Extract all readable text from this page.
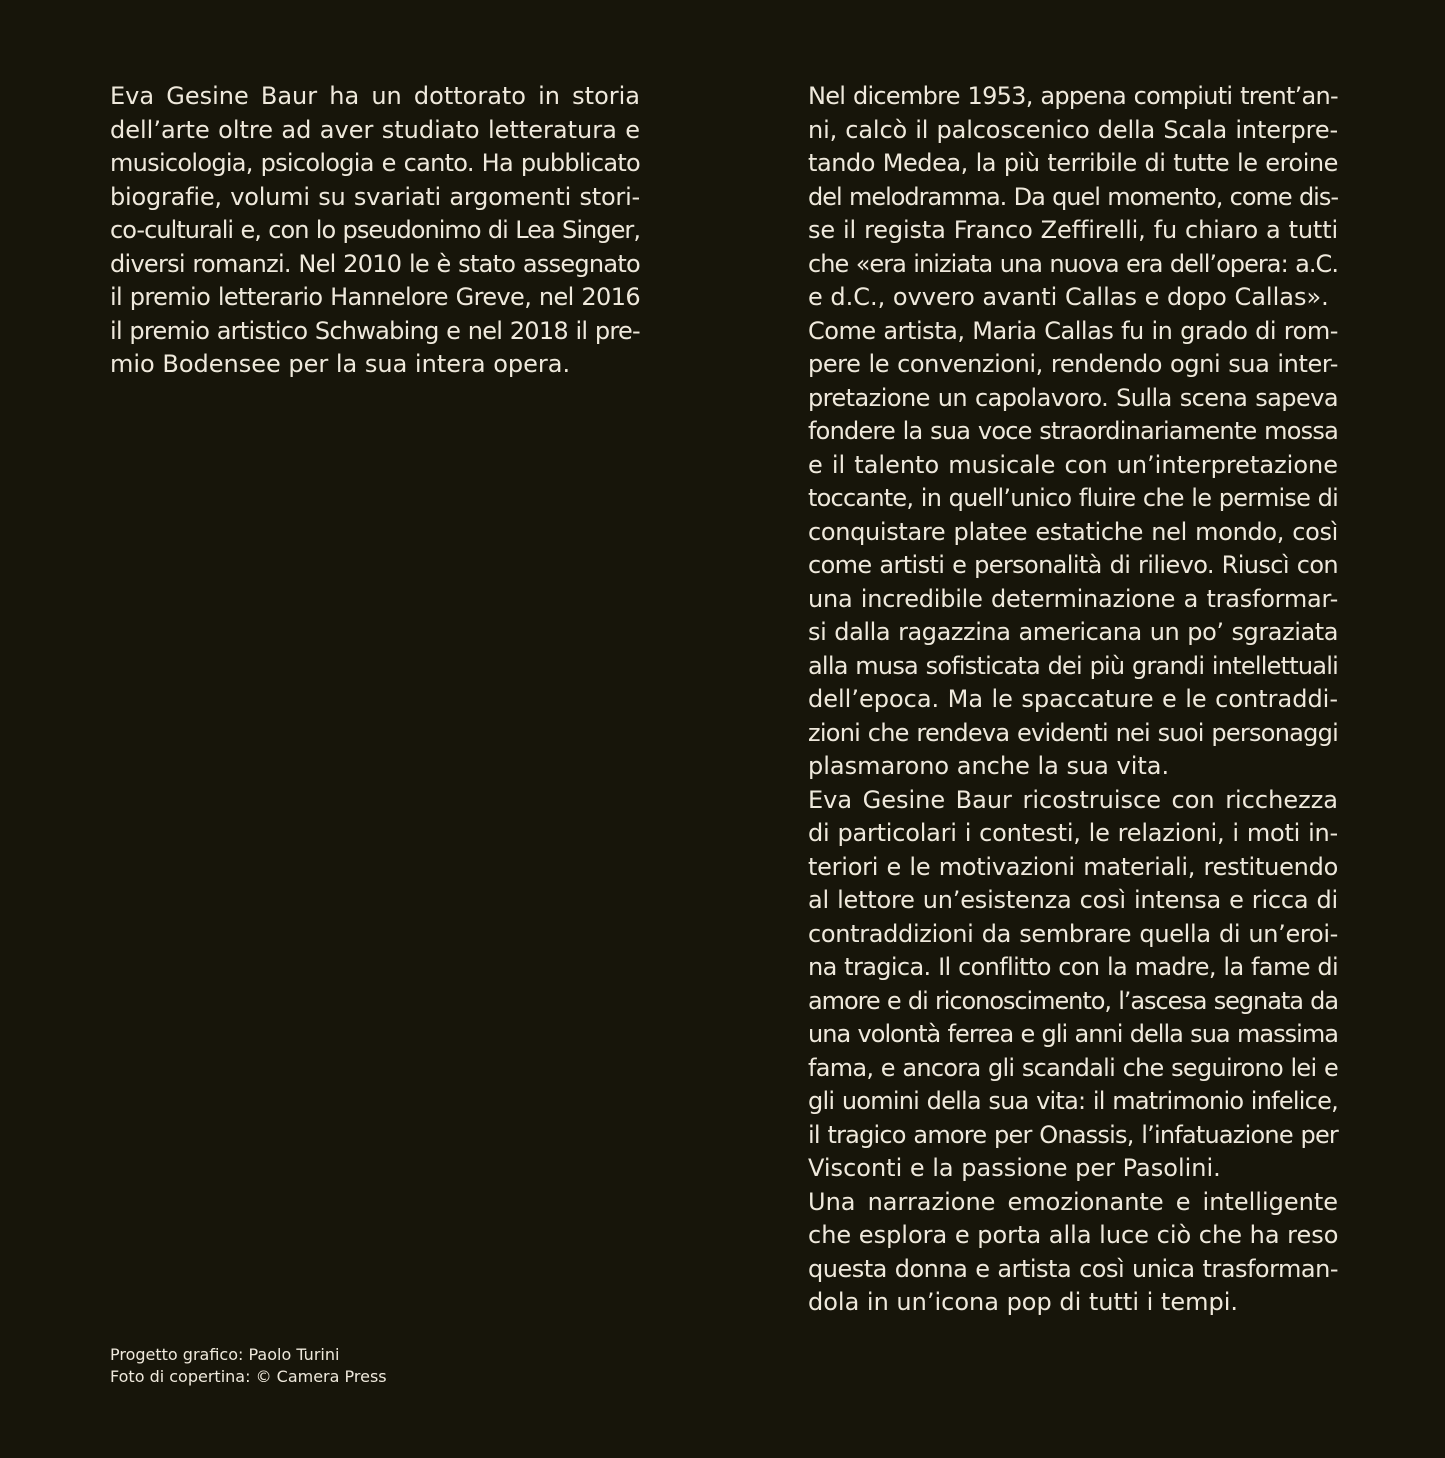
Eva Gesine Baur ha un dottorato in storia
dell’arte oltre ad aver studiato letteratura e
musicologia, psicologia e canto. Ha pubblicato
biografie, volumi su svariati argomenti stori-
co-culturali e, con lo pseudonimo di Lea Singer,
diversi romanzi. Nel 2010 le è stato assegnato
il premio letterario Hannelore Greve, nel 2016
il premio artistico Schwabing e nel 2018 il pre-
mio Bodensee per la sua intera opera.
Nel dicembre 1953, appena compiuti trent’an-
ni, calcò il palcoscenico della Scala interpre-
tando Medea, la più terribile di tutte le eroine
del melodramma. Da quel momento, come dis-
se il regista Franco Zeffirelli, fu chiaro a tutti
che «era iniziata una nuova era dell’opera: a.C.
e d.C., ovvero avanti Callas e dopo Callas».
Come artista, Maria Callas fu in grado di rom-
pere le convenzioni, rendendo ogni sua inter-
pretazione un capolavoro. Sulla scena sapeva
fondere la sua voce straordinariamente mossa
e il talento musicale con un’interpretazione
toccante, in quell’unico fluire che le permise di
conquistare platee estatiche nel mondo, così
come artisti e personalità di rilievo. Riuscì con
una incredibile determinazione a trasformar-
si dalla ragazzina americana un po’ sgraziata
alla musa sofisticata dei più grandi intellettuali
dell’epoca. Ma le spaccature e le contraddi-
zioni che rendeva evidenti nei suoi personaggi
plasmarono anche la sua vita.
Eva Gesine Baur ricostruisce con ricchezza
di particolari i contesti, le relazioni, i moti in-
teriori e le motivazioni materiali, restituendo
al lettore un’esistenza così intensa e ricca di
contraddizioni da sembrare quella di un’eroi-
na tragica. Il conflitto con la madre, la fame di
amore e di riconoscimento, l’ascesa segnata da
una volontà ferrea e gli anni della sua massima
fama, e ancora gli scandali che seguirono lei e
gli uomini della sua vita: il matrimonio infelice,
il tragico amore per Onassis, l’infatuazione per
Visconti e la passione per Pasolini.
Una narrazione emozionante e intelligente
che esplora e porta alla luce ciò che ha reso
questa donna e artista così unica trasforman-
dola in un’icona pop di tutti i tempi.
Progetto grafico: Paolo Turini
Foto di copertina: © Camera Press
